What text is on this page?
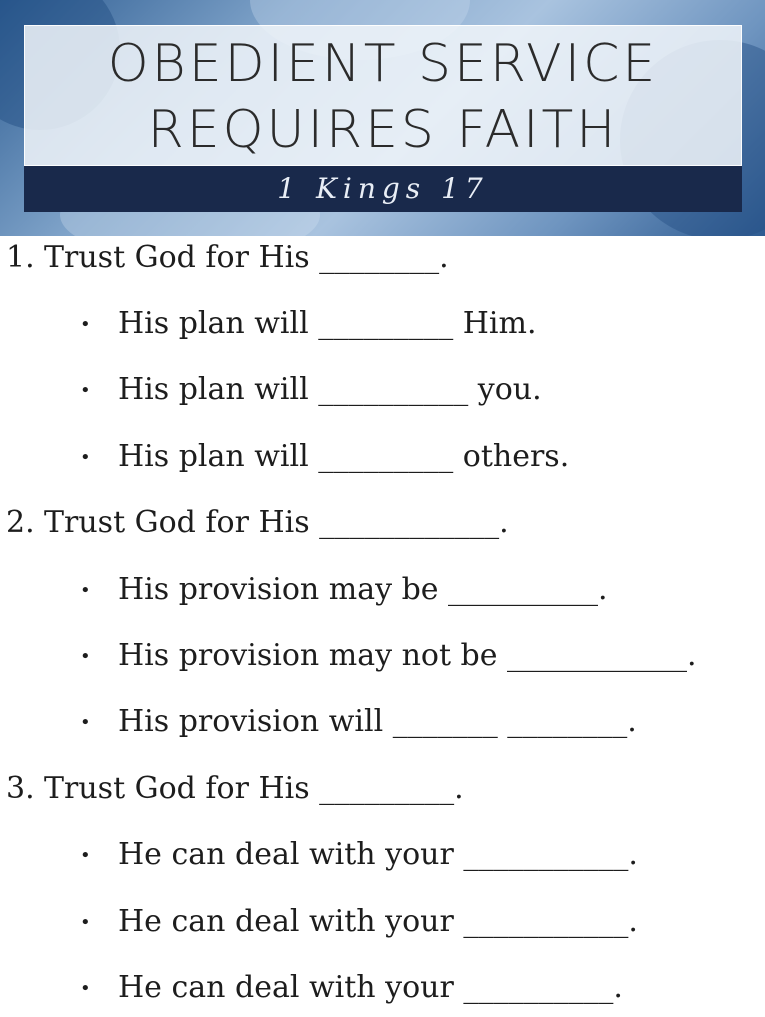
OBEDIENT SERVICE
REQUIRES FAITH
1 Kings 17
1. Trust God for His ________.
• His plan will _________ Him.
• His plan will __________ you.
• His plan will _________ others.
2. Trust God for His ____________.
• His provision may be __________.
• His provision may not be ____________.
• His provision will _______ ________.
3. Trust God for His _________.
• He can deal with your ___________.
• He can deal with your ___________.
• He can deal with your __________.
